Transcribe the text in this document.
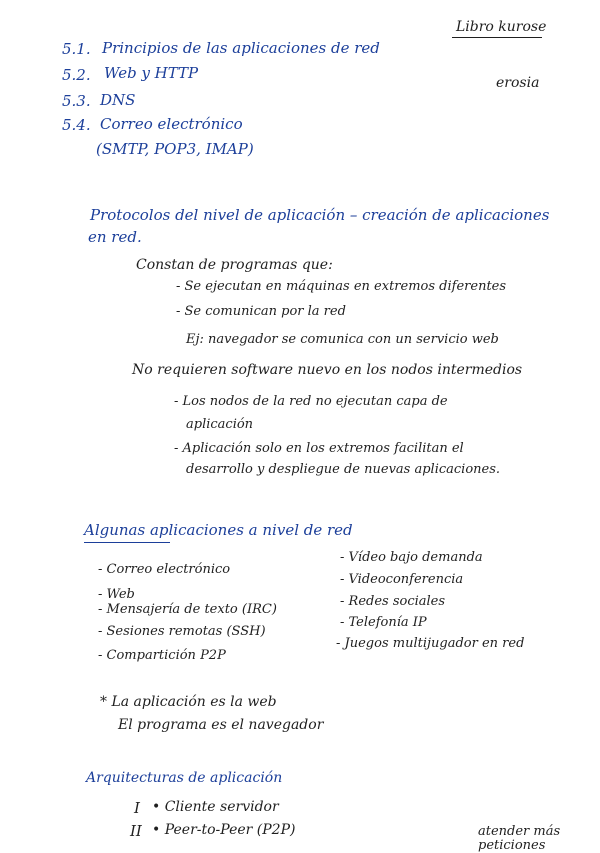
Libro kurose
erosia
5.1. Principios de las aplicaciones de red
5.2. Web y HTTP
5.3. DNS
5.4. Correo electrónico
(SMTP, POP3, IMAP)
Protocolos del nivel de aplicación – creación de aplicaciones
en red.
Constan de programas que:
- Se ejecutan en máquinas en extremos diferentes
- Se comunican por la red
Ej: navegador se comunica con un servicio web
No requieren software nuevo en los nodos intermedios
- Los nodos de la red no ejecutan capa de
aplicación
- Aplicación solo en los extremos facilitan el
desarrollo y despliegue de nuevas aplicaciones.
Algunas aplicaciones a nivel de red
- Correo electrónico
- Web
- Mensajería de texto (IRC)
- Sesiones remotas (SSH)
- Compartición P2P
- Vídeo bajo demanda
- Videoconferencia
- Redes sociales
- Telefonía IP
- Juegos multijugador en red
* La aplicación es la web
El programa es el navegador
Arquitecturas de aplicación
I • Cliente servidor
II • Peer-to-Peer (P2P)	atender más
peticiones
